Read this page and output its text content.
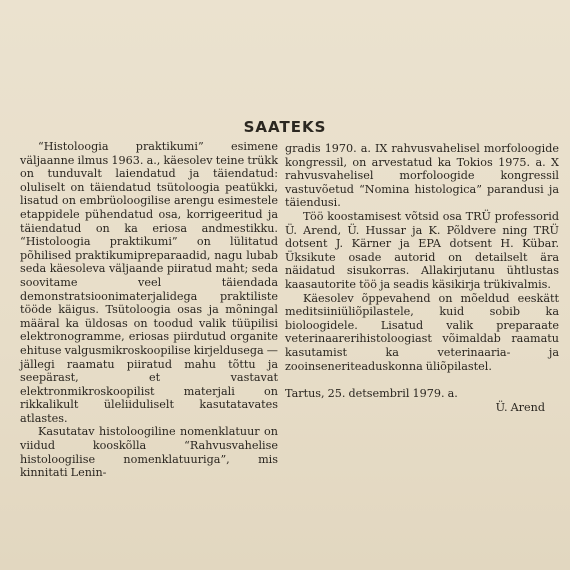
SAATEKS

“Histoloogia praktikumi” esimene väljaanne ilmus 1963. a., käesolev teine trükk on tunduvalt laiendatud ja täiendatud: oluliselt on täiendatud tsütoloogia peatükki, lisatud on embrüoloogilise arengu esimestele etappidele pühendatud osa, korrigeeritud ja täiendatud on ka eriosa andmestikku. “Histoloogia praktikumi” on lülitatud põhilised praktikumipreparaadid, nagu lubab seda käesoleva väljaande piiratud maht; seda soovitame veel täiendada demonstratsioonimaterjalidega praktiliste tööde käigus. Tsütoloogia osas ja mõningal määral ka üldosas on toodud valik tüüpilisi elektronogramme, eriosas piirdutud organite ehituse valgusmikroskoopilise kirjeldusega — jällegi raamatu piiratud mahu tõttu ja seepärast, et vastavat elektronmikroskoopilist materjali on rikkalikult üleliiduliselt kasutatavates atlastes.

Kasutatav histoloogiline nomenklatuur on viidud kooskõlla “Rahvusvahelise histoloogilise nomenklatuuriga”, mis kinnitati Lenin-

gradis 1970. a. IX rahvusvahelisel morfoloogide kongressil, on arvestatud ka Tokios 1975. a. X rahvusvahelisel morfoloogide kongressil vastuvõetud “Nomina histologica” parandusi ja täiendusi.

Töö koostamisest võtsid osa TRÜ professorid Ü. Arend, Ü. Hussar ja K. Põldvere ning TRÜ dotsent J. Kärner ja EPA dotsent H. Kübar. Üksikute osade autorid on detailselt ära näidatud sisukorras. Allakirjutanu ühtlustas kaasautorite töö ja seadis käsikirja trükivalmis.

Käesolev õppevahend on mõeldud eeskätt meditsiiniüliõpilastele, kuid sobib ka bioloogidele. Lisatud valik preparaate veterinaarerihistoloogiast võimaldab raamatu kasutamist ka veterinaaria- ja zooinseneriteaduskonna üliõpilastel.

Tartus, 25. detsembril 1979. a.

Ü. Arend
